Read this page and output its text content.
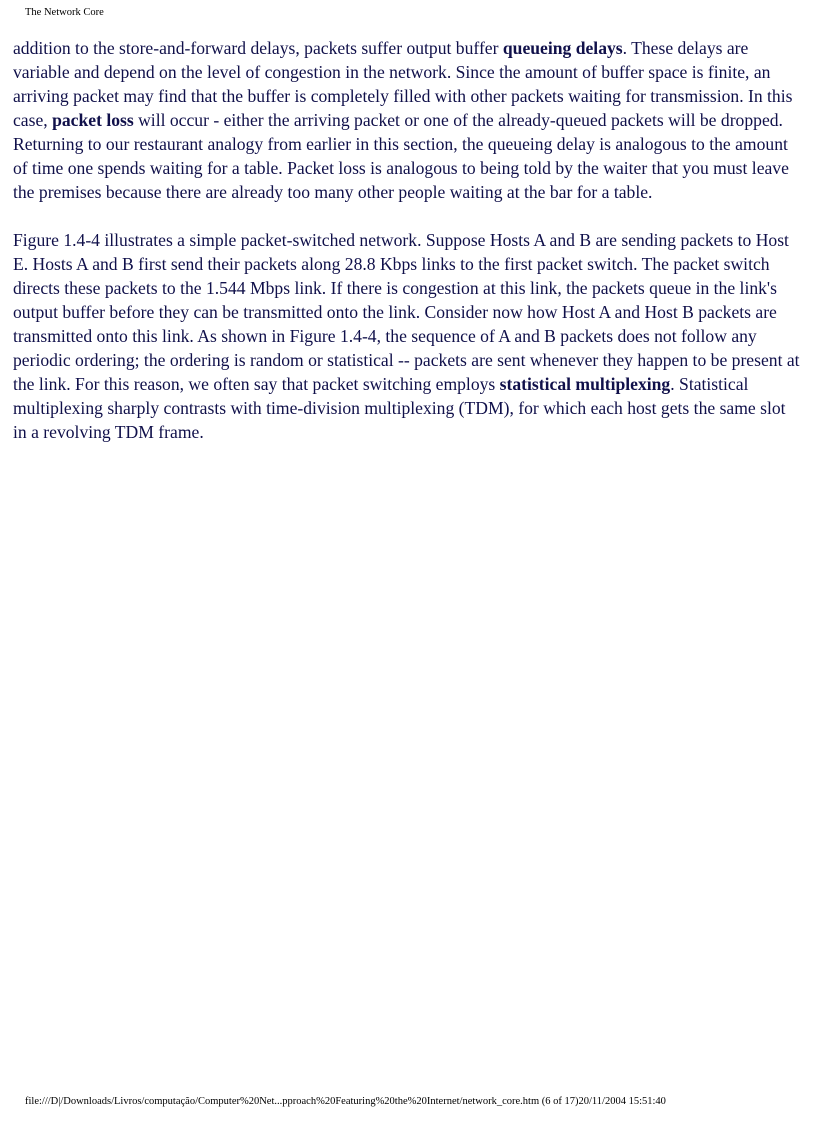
The Network Core

addition to the store-and-forward delays, packets suffer output buffer queueing delays. These delays are variable and depend on the level of congestion in the network. Since the amount of buffer space is finite, an arriving packet may find that the buffer is completely filled with other packets waiting for transmission. In this case, packet loss will occur - either the arriving packet or one of the already-queued packets will be dropped. Returning to our restaurant analogy from earlier in this section, the queueing delay is analogous to the amount of time one spends waiting for a table. Packet loss is analogous to being told by the waiter that you must leave the premises because there are already too many other people waiting at the bar for a table.

Figure 1.4-4 illustrates a simple packet-switched network. Suppose Hosts A and B are sending packets to Host E. Hosts A and B first send their packets along 28.8 Kbps links to the first packet switch. The packet switch directs these packets to the 1.544 Mbps link. If there is congestion at this link, the packets queue in the link's output buffer before they can be transmitted onto the link. Consider now how Host A and Host B packets are transmitted onto this link. As shown in Figure 1.4-4, the sequence of A and B packets does not follow any periodic ordering; the ordering is random or statistical -- packets are sent whenever they happen to be present at the link. For this reason, we often say that packet switching employs statistical multiplexing. Statistical multiplexing sharply contrasts with time-division multiplexing (TDM), for which each host gets the same slot in a revolving TDM frame.

file:///D|/Downloads/Livros/computação/Computer%20Net...pproach%20Featuring%20the%20Internet/network_core.htm (6 of 17)20/11/2004 15:51:40
